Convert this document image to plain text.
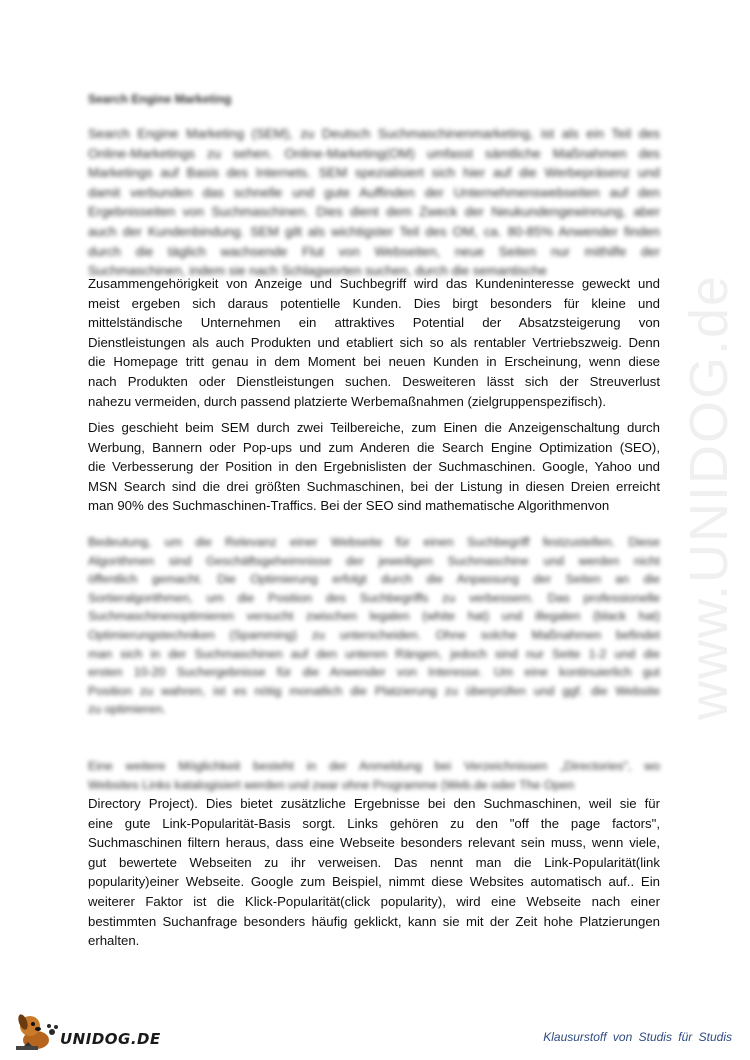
Search Engine Marketing
Search Engine Marketing (SEM), zu Deutsch Suchmaschinenmarketing, ist als ein Teil des
Online-Marketings zu sehen. Online-Marketing(OM) umfasst sämtliche Maßnahmen des
Marketings auf Basis des Internets. SEM spezialisiert sich hier auf die Werbepräsenz und
damit verbunden das schnelle und gute Auffinden der Unternehmenswebseiten auf den
Ergebnisseiten von Suchmaschinen. Dies dient dem Zweck der Neukundengewinnung, aber
auch der Kundenbindung. SEM gilt als wichtigster Teil des OM, ca. 80-85% Anwender finden
durch die täglich wachsende Flut von Webseiten, neue Seiten nur mithilfe der
Suchmaschinen, indem sie nach Schlagworten suchen, durch die semantische
Zusammengehörigkeit von Anzeige und Suchbegriff wird das Kundeninteresse geweckt und
meist ergeben sich daraus potentielle Kunden. Dies birgt besonders für kleine und
mittelständische Unternehmen ein attraktives Potential der Absatzsteigerung von
Dienstleistungen als auch Produkten und etabliert sich so als rentabler Vertriebszweig. Denn
die Homepage tritt genau in dem Moment bei neuen Kunden in Erscheinung, wenn diese
nach Produkten oder Dienstleistungen suchen. Desweiteren lässt sich der Streuverlust
nahezu vermeiden, durch passend platzierte Werbemaßnahmen (zielgruppenspezifisch).
Dies geschieht beim SEM durch zwei Teilbereiche, zum Einen die Anzeigenschaltung durch
Werbung, Bannern oder Pop-ups und zum Anderen die Search Engine Optimization (SEO),
die Verbesserung der Position in den Ergebnislisten der Suchmaschinen. Google, Yahoo und
MSN Search sind die drei größten Suchmaschinen, bei der Listung in diesen Dreien erreicht
man 90% des Suchmaschinen-Traffics. Bei der SEO sind mathematische Algorithmenvon
Bedeutung, um die Relevanz einer Webseite für einen Suchbegriff festzustellen. Diese
Algorithmen sind Geschäftsgeheimnisse der jeweiligen Suchmaschine und werden nicht
öffentlich gemacht. Die Optimierung erfolgt durch die Anpassung der Seiten an die
Sortieralgorithmen, um die Position des Suchbegriffs zu verbessern. Das professionelle
Suchmaschinenoptimieren versucht zwischen legalen (white hat) und illegalen (black hat)
Optimierungstechniken (Spamming) zu unterscheiden. Ohne solche Maßnahmen befindet
man sich in der Suchmaschinen auf den unteren Rängen, jedoch sind nur Seite 1-2 und die
ersten 10-20 Suchergebnisse für die Anwender von Interesse. Um eine kontinuierlich gut
Position zu wahren, ist es nötig monatlich die Platzierung zu überprüfen und ggf. die Website
zu optimieren.
Eine weitere Möglichkeit besteht in der Anmeldung bei Verzeichnissen „Directories", wo
Websites Links katalogisiert werden und zwar ohne Programme (Web.de oder The Open
Directory Project). Dies bietet zusätzliche Ergebnisse bei den Suchmaschinen, weil sie für
eine gute Link-Popularität-Basis sorgt. Links gehören zu den "off the page factors",
Suchmaschinen filtern heraus, dass eine Webseite besonders relevant sein muss, wenn viele,
gut bewertete Webseiten zu ihr verweisen. Das nennt man die Link-Popularität(link
popularity)einer Webseite. Google zum Beispiel, nimmt diese Websites automatisch auf.. Ein
weiterer Faktor ist die Klick-Popularität(click popularity), wird eine Webseite nach einer
bestimmten Suchanfrage besonders häufig geklickt, kann sie mit der Zeit hohe Platzierungen
erhalten.
www.UNIDOG.de
UNIDOG.DE	Klausurstoff von Studis für Studis
